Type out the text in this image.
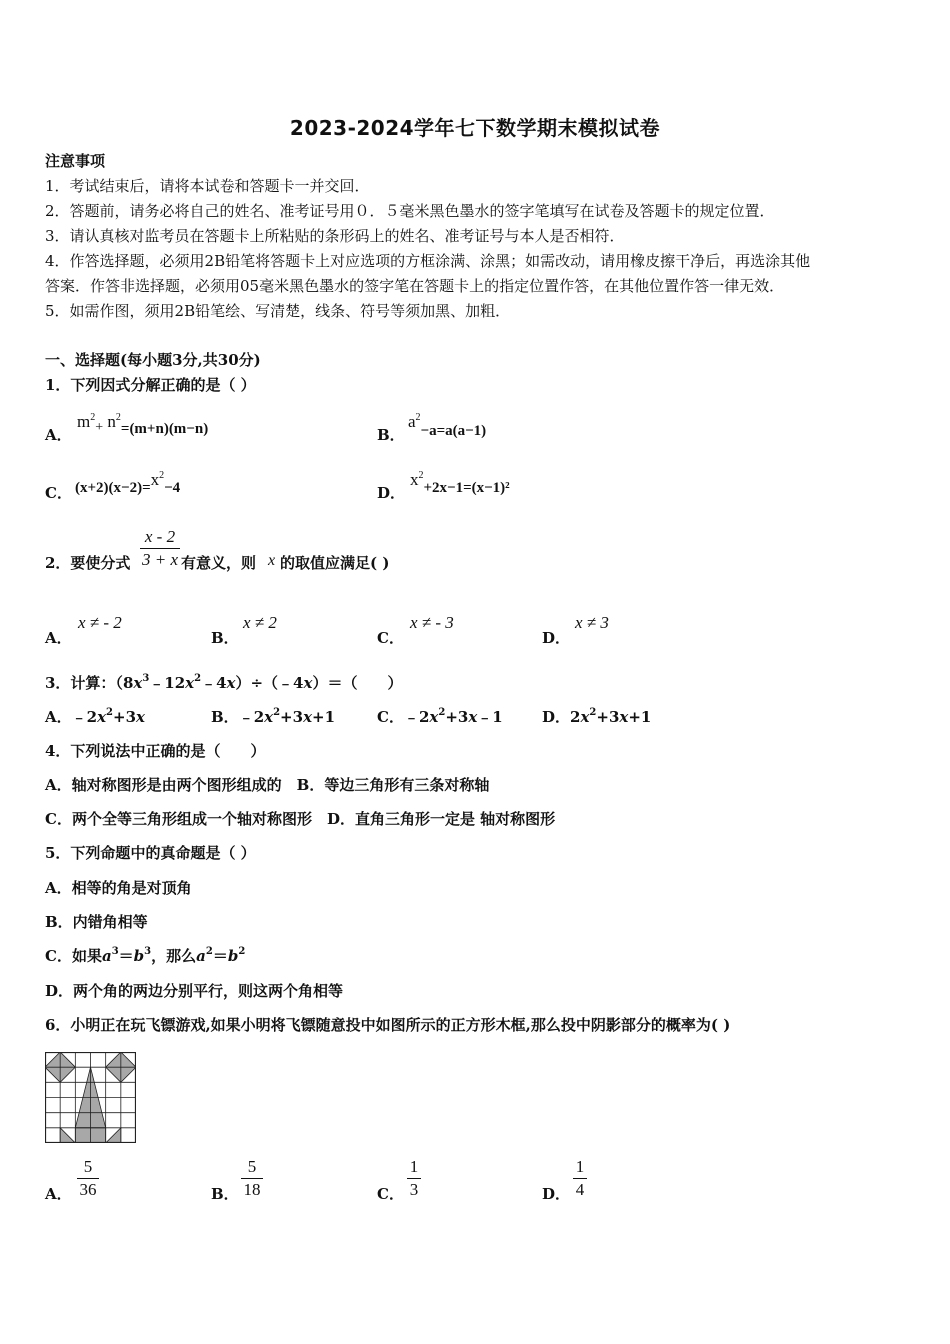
2023-2024学年七下数学期末模拟试卷
注意事项
1．考试结束后，请将本试卷和答题卡一并交回．
2．答题前，请务必将自己的姓名、准考证号用０．５毫米黑色墨水的签字笔填写在试卷及答题卡的规定位置．
3．请认真核对监考员在答题卡上所粘贴的条形码上的姓名、准考证号与本人是否相符．
4．作答选择题，必须用2B铅笔将答题卡上对应选项的方框涂满、涂黑；如需改动，请用橡皮擦干净后，再选涂其他
答案．作答非选择题，必须用05毫米黑色墨水的签字笔在答题卡上的指定位置作答，在其他位置作答一律无效．
5．如需作图，须用2B铅笔绘、写清楚，线条、符号等须加黑、加粗．
一、选择题(每小题3分,共30分)
1．下列因式分解正确的是（ ）
A．
$m^2_+$ $n^2=(m+n)(m-n)$	B．
$a^2-a=a(a-1)$
C． $(x+2)(x-2)=x^2-4$	D．
$x^2+2x-1=(x-1)^2$
2．要使分式
x - 2
3 + x 有意义，则 x 的取值应满足( )
A．
x ≠ - 2
B．
x ≠ 2
C．
x ≠ - 3
D．
x ≠ 3
3．计算：$(8x^3﹣12x^2﹣4x)\div(﹣4x)=$（　　）
A．$﹣2x^2+3x$	B．$﹣2x^2+3x+1$	C．$﹣2x^2+3x﹣1$	D．$2x^2+3x+1$
4．下列说法中正确的是（　　）
A．轴对称图形是由两个图形组成的　B．等边三角形有三条对称轴
C．两个全等三角形组成一个轴对称图形　D．直角三角形一定是 轴对称图形
5．下列命题中的真命题是（ ）
A．相等的角是对顶角
B．内错角相等
C．如果$a^3=b^3$，那么$a^2=b^2$
D．两个角的两边分别平行，则这两个角相等
6．小明正在玩飞镖游戏,如果小明将飞镖随意投中如图所示的正方形木框,那么投中阴影部分的概率为( )
A．
5
36	B．
5
18	C．
1
3	D．
1
4
